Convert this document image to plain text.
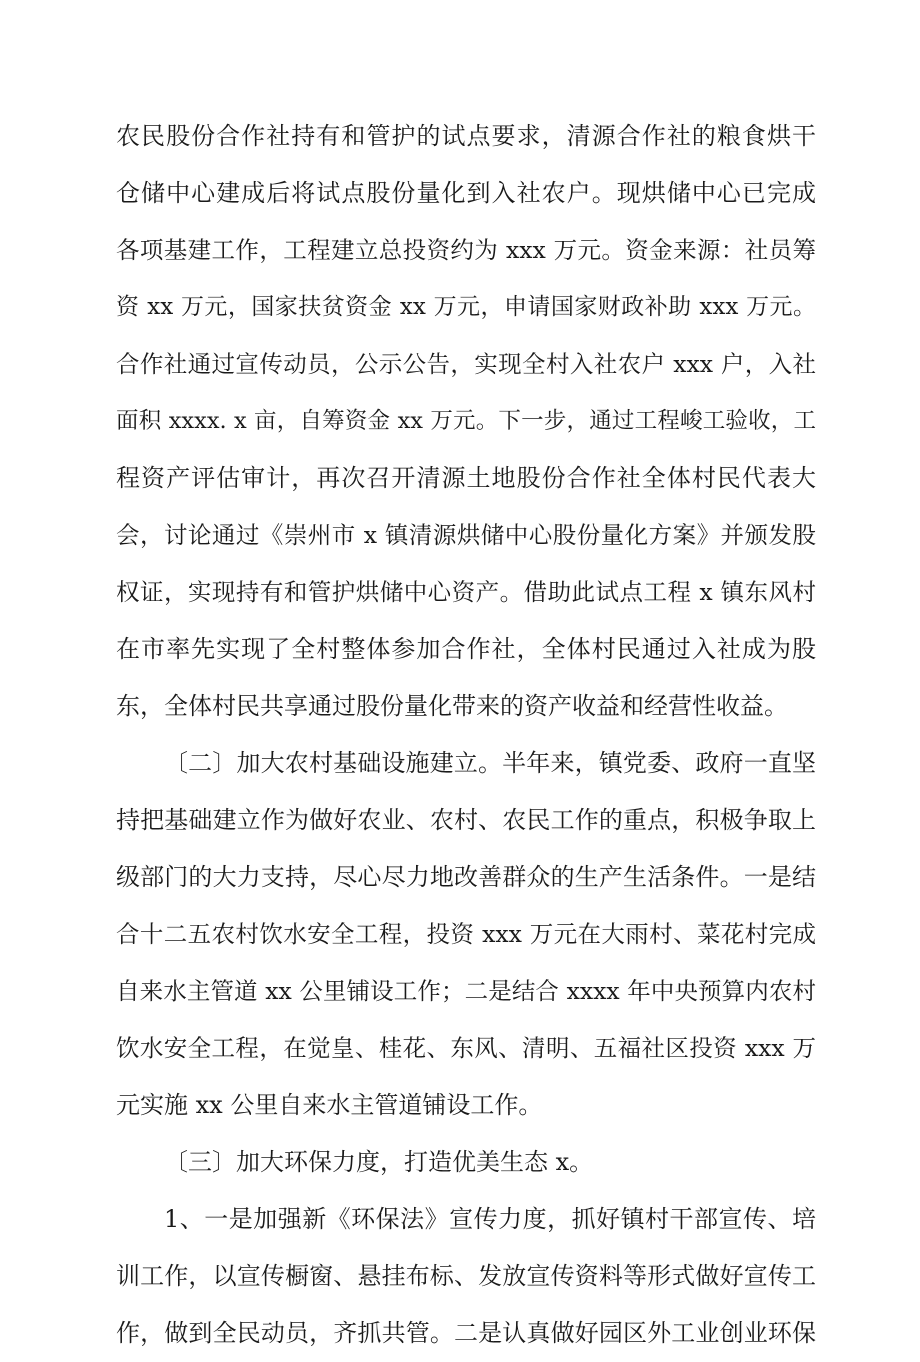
农民股份合作社持有和管护的试点要求，清源合作社的粮食烘干
仓储中心建成后将试点股份量化到入社农户。现烘储中心已完成
各项基建工作，工程建立总投资约为 xxx 万元。资金来源：社员筹
资 xx 万元，国家扶贫资金 xx 万元，申请国家财政补助 xxx 万元。
合作社通过宣传动员，公示公告，实现全村入社农户 xxx 户，入社
面积 xxxx. x 亩，自筹资金 xx 万元。下一步，通过工程峻工验收，工
程资产评估审计，再次召开清源土地股份合作社全体村民代表大
会，讨论通过《崇州市 x 镇清源烘储中心股份量化方案》并颁发股
权证，实现持有和管护烘储中心资产。借助此试点工程 x 镇东风村
在市率先实现了全村整体参加合作社，全体村民通过入社成为股
东，全体村民共享通过股份量化带来的资产收益和经营性收益。
〔二〕加大农村基础设施建立。半年来，镇党委、政府一直坚
持把基础建立作为做好农业、农村、农民工作的重点，积极争取上
级部门的大力支持，尽心尽力地改善群众的生产生活条件。一是结
合十二五农村饮水安全工程，投资 xxx 万元在大雨村、菜花村完成
自来水主管道 xx 公里铺设工作；二是结合 xxxx 年中央预算内农村
饮水安全工程，在觉皇、桂花、东风、清明、五福社区投资 xxx 万
元实施 xx 公里自来水主管道铺设工作。
〔三〕加大环保力度，打造优美生态 x。
1、一是加强新《环保法》宣传力度，抓好镇村干部宣传、培
训工作，以宣传橱窗、悬挂布标、发放宣传资料等形式做好宣传工
作，做到全民动员，齐抓共管。二是认真做好园区外工业创业环保
